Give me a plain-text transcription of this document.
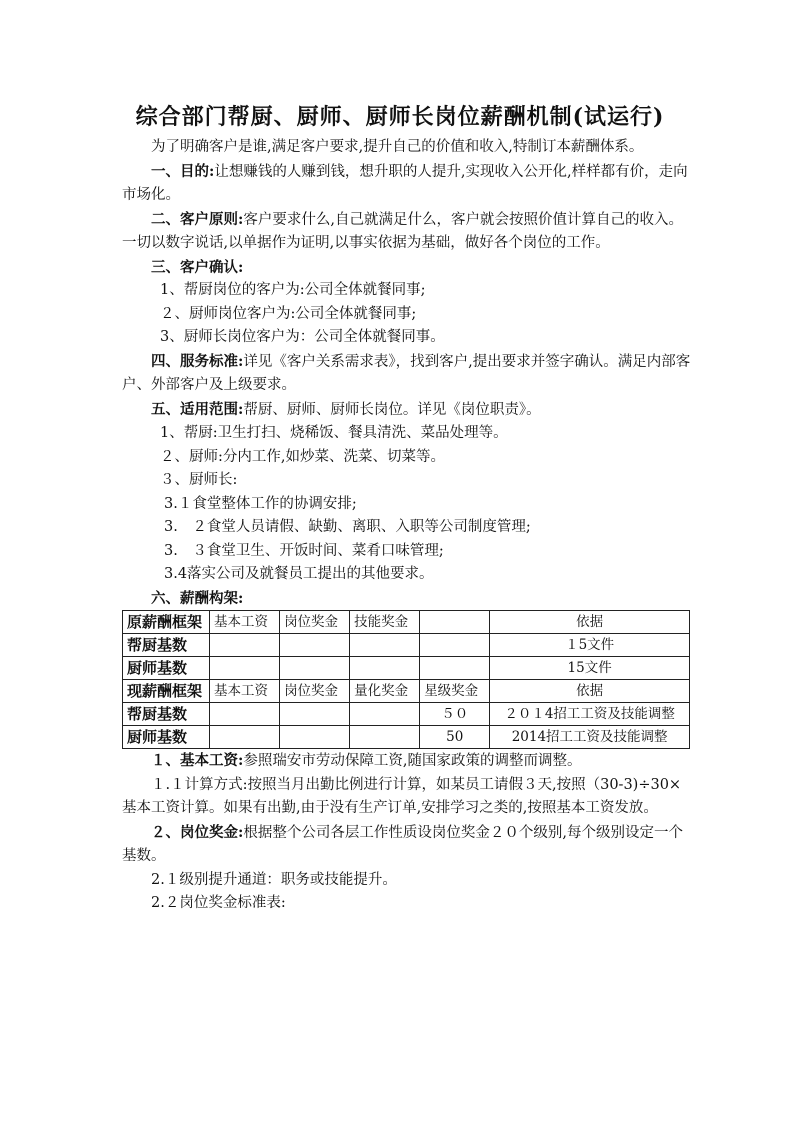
综合部门帮厨、厨师、厨师长岗位薪酬机制(试运行)

为了明确客户是谁,满足客户要求,提升自己的价值和收入,特制订本薪酬体系。

一、目的:让想赚钱的人赚到钱，想升职的人提升,实现收入公开化,样样都有价，走向市场化。

二、客户原则:客户要求什么,自己就满足什么，客户就会按照价值计算自己的收入。一切以数字说话,以单据作为证明,以事实依据为基础，做好各个岗位的工作。

三、客户确认:

1、帮厨岗位的客户为:公司全体就餐同事;

２、厨师岗位客户为:公司全体就餐同事;

3、厨师长岗位客户为：公司全体就餐同事。

四、服务标准:详见《客户关系需求表》，找到客户,提出要求并签字确认。满足内部客户、外部客户及上级要求。

五、适用范围:帮厨、厨师、厨师长岗位。详见《岗位职责》。

1、帮厨:卫生打扫、烧稀饭、餐具清洗、菜品处理等。

２、厨师:分内工作,如炒菜、洗菜、切菜等。

３、厨师长:

3.１食堂整体工作的协调安排;

3.　２食堂人员请假、缺勤、离职、入职等公司制度管理;

3.　３食堂卫生、开饭时间、菜肴口味管理;

3.4落实公司及就餐员工提出的其他要求。

六、薪酬构架:

原薪酬框架	基本工资	岗位奖金	技能奖金		依据
帮厨基数					１5文件
厨师基数					15文件
现薪酬框架	基本工资	岗位奖金	量化奖金	星级奖金	依据
帮厨基数				５０	２０１4招工工资及技能调整
厨师基数				50	2014招工工资及技能调整

１、基本工资:参照瑞安市劳动保障工资,随国家政策的调整而调整。

１.１计算方式:按照当月出勤比例进行计算，如某员工请假３天,按照（30-3)÷30×基本工资计算。如果有出勤,由于没有生产订单,安排学习之类的,按照基本工资发放。

２、岗位奖金:根据整个公司各层工作性质设岗位奖金２０个级别,每个级别设定一个基数。

2.１级别提升通道：职务或技能提升。

2.２岗位奖金标准表:
